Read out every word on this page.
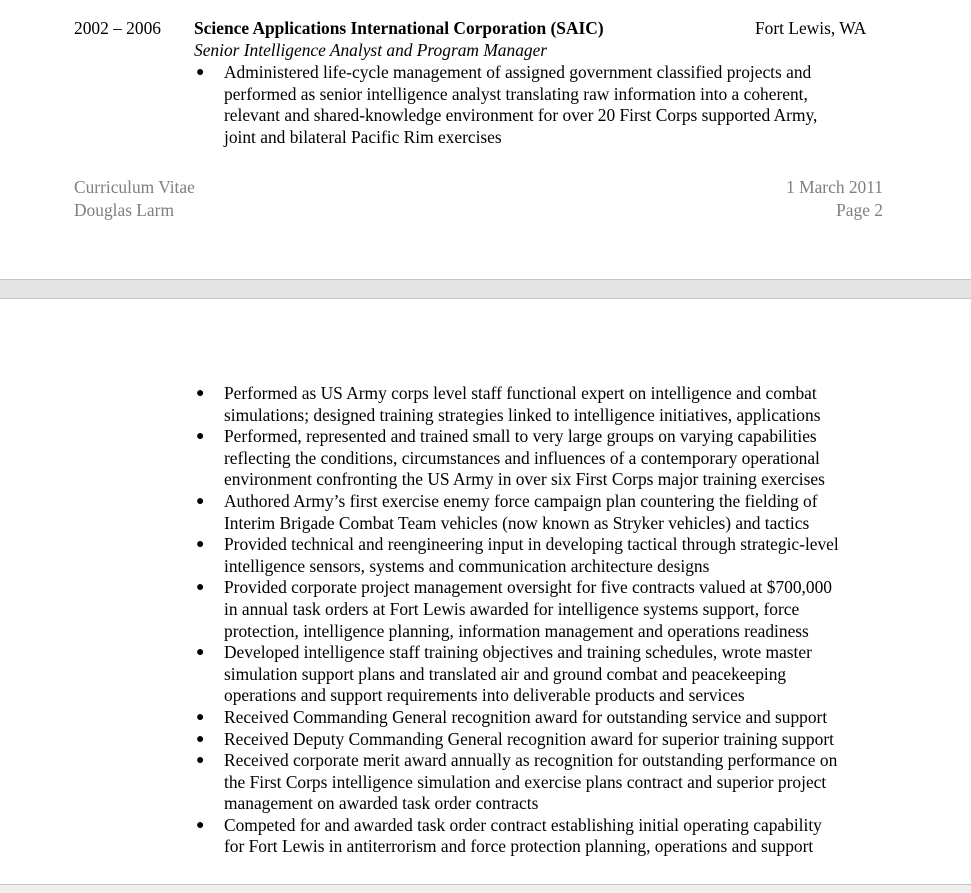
2002 – 2006 Science Applications International Corporation (SAIC)	Fort Lewis, WA
Senior Intelligence Analyst and Program Manager
● Administered life-cycle management of assigned government classified projects and
performed as senior intelligence analyst translating raw information into a coherent,
relevant and shared-knowledge environment for over 20 First Corps supported Army,
joint and bilateral Pacific Rim exercises
Curriculum Vitae
Douglas Larm
1 March 2011
Page 2
● Performed as US Army corps level staff functional expert on intelligence and combat
simulations; designed training strategies linked to intelligence initiatives, applications
● Performed, represented and trained small to very large groups on varying capabilities
reflecting the conditions, circumstances and influences of a contemporary operational
environment confronting the US Army in over six First Corps major training exercises
● Authored Army’s first exercise enemy force campaign plan countering the fielding of
Interim Brigade Combat Team vehicles (now known as Stryker vehicles) and tactics
● Provided technical and reengineering input in developing tactical through strategic-level
intelligence sensors, systems and communication architecture designs
● Provided corporate project management oversight for five contracts valued at $700,000
in annual task orders at Fort Lewis awarded for intelligence systems support, force
protection, intelligence planning, information management and operations readiness
● Developed intelligence staff training objectives and training schedules, wrote master
simulation support plans and translated air and ground combat and peacekeeping
operations and support requirements into deliverable products and services
● Received Commanding General recognition award for outstanding service and support
● Received Deputy Commanding General recognition award for superior training support
● Received corporate merit award annually as recognition for outstanding performance on
the First Corps intelligence simulation and exercise plans contract and superior project
management on awarded task order contracts
● Competed for and awarded task order contract establishing initial operating capability
for Fort Lewis in antiterrorism and force protection planning, operations and support
